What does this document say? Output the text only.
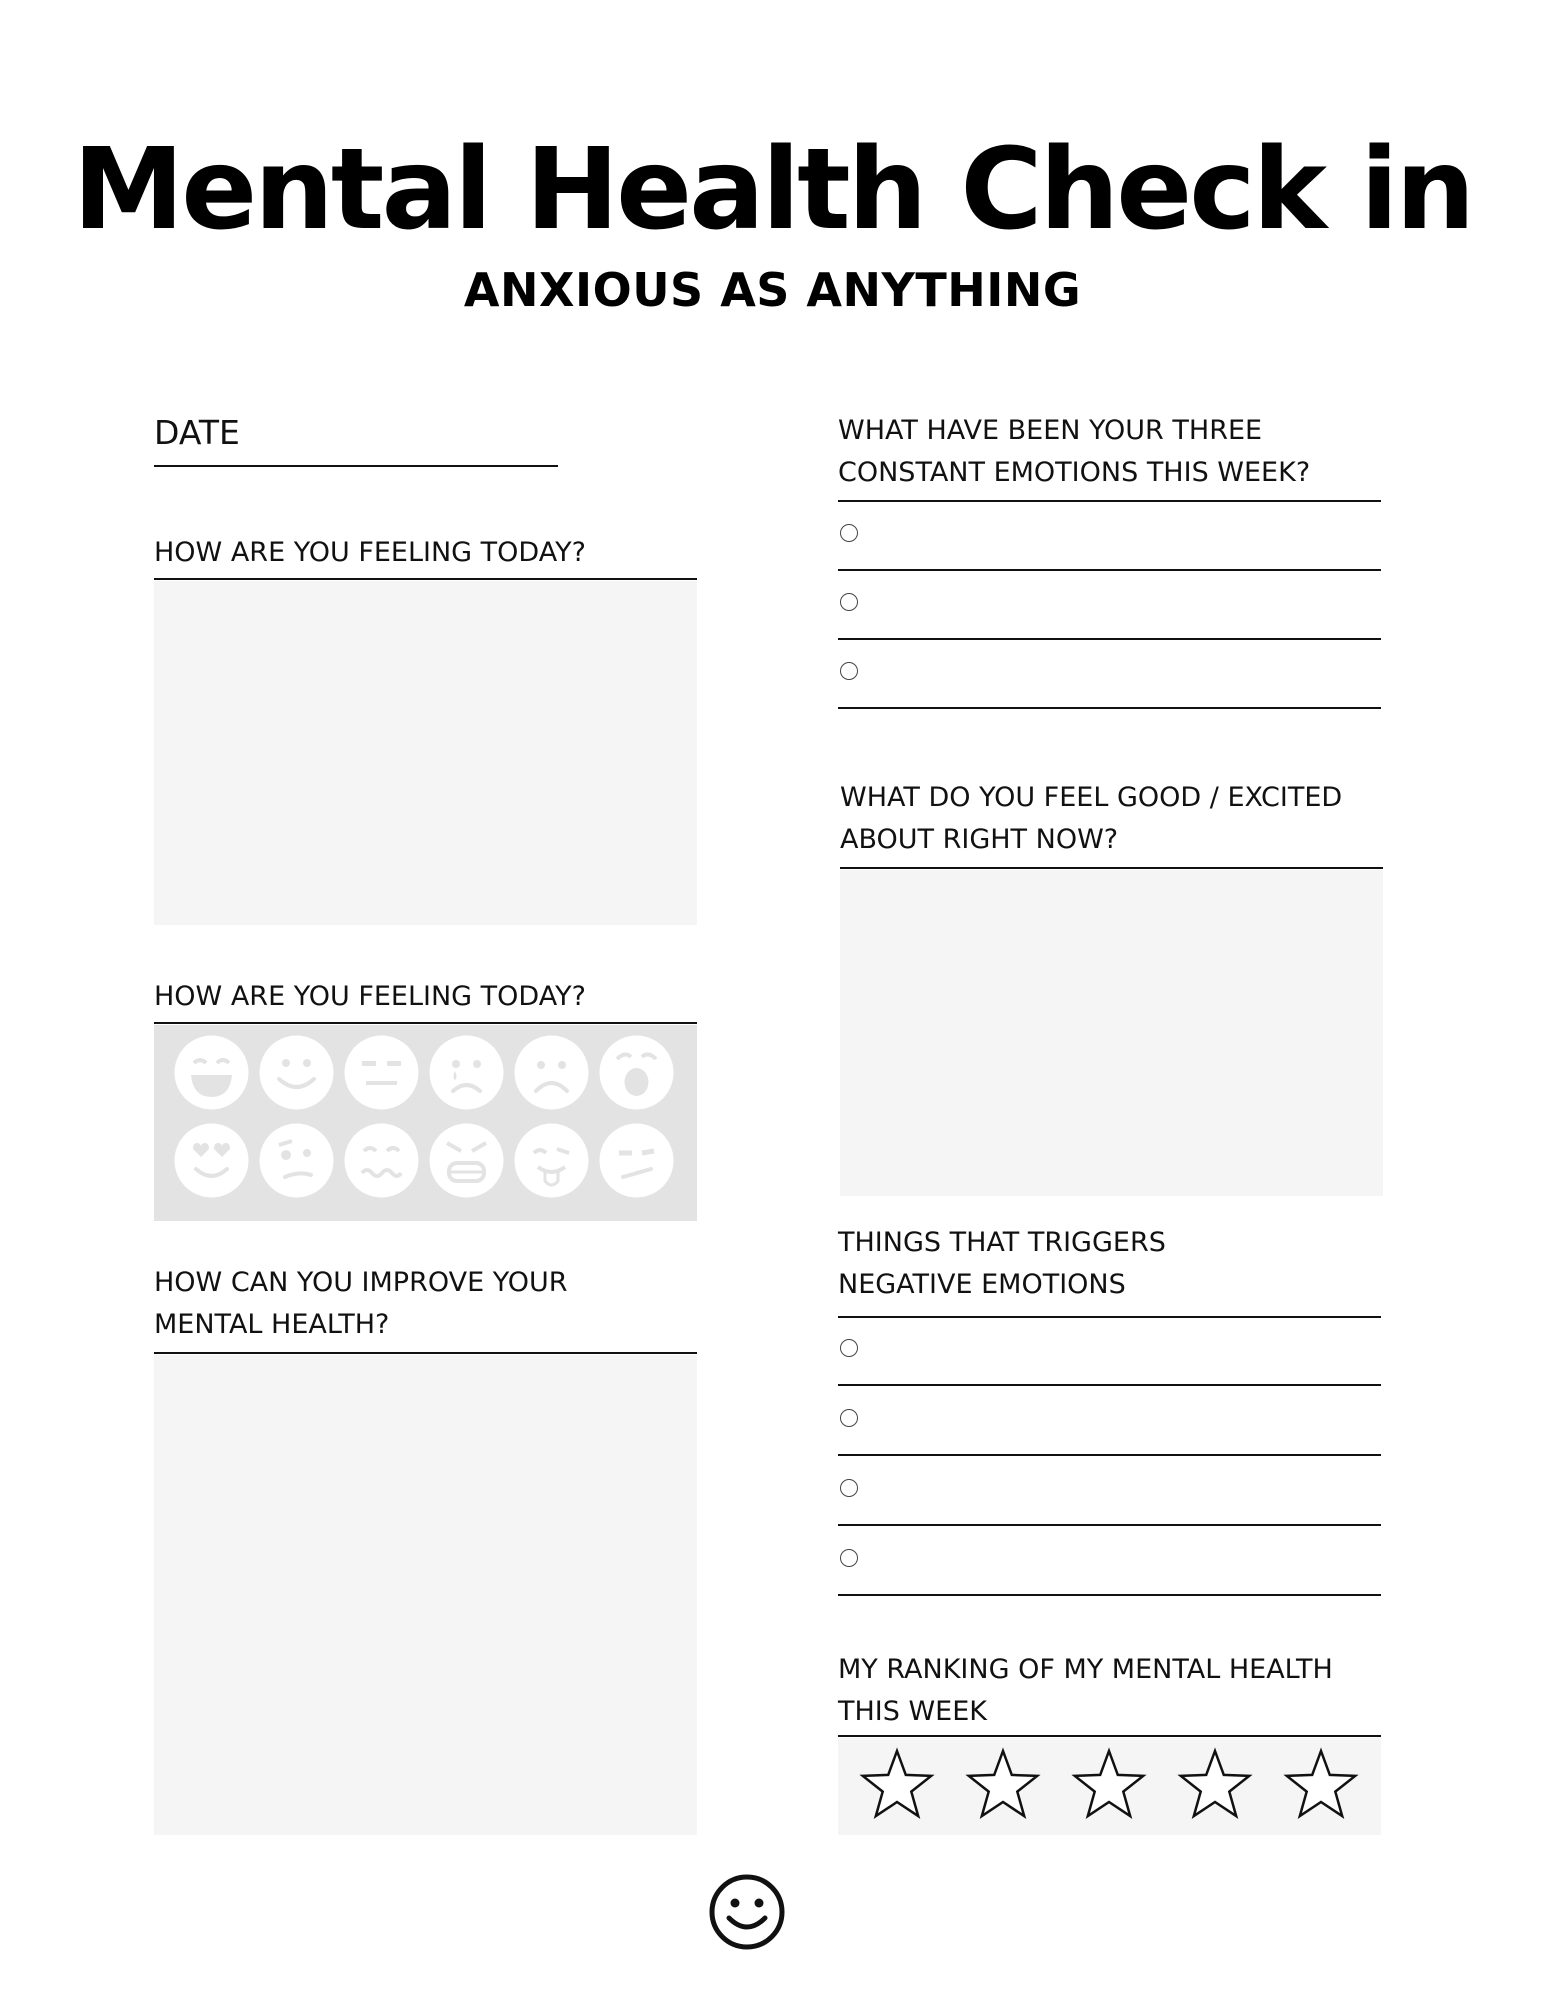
Mental Health Check in
ANXIOUS AS ANYTHING
DATE
HOW ARE YOU FEELING TODAY?
HOW ARE YOU FEELING TODAY?
HOW CAN YOU IMPROVE YOUR
MENTAL HEALTH?
WHAT HAVE BEEN YOUR THREE
CONSTANT EMOTIONS THIS WEEK?
WHAT DO YOU FEEL GOOD / EXCITED
ABOUT RIGHT NOW?
THINGS THAT TRIGGERS
NEGATIVE EMOTIONS
MY RANKING OF MY MENTAL HEALTH
THIS WEEK
